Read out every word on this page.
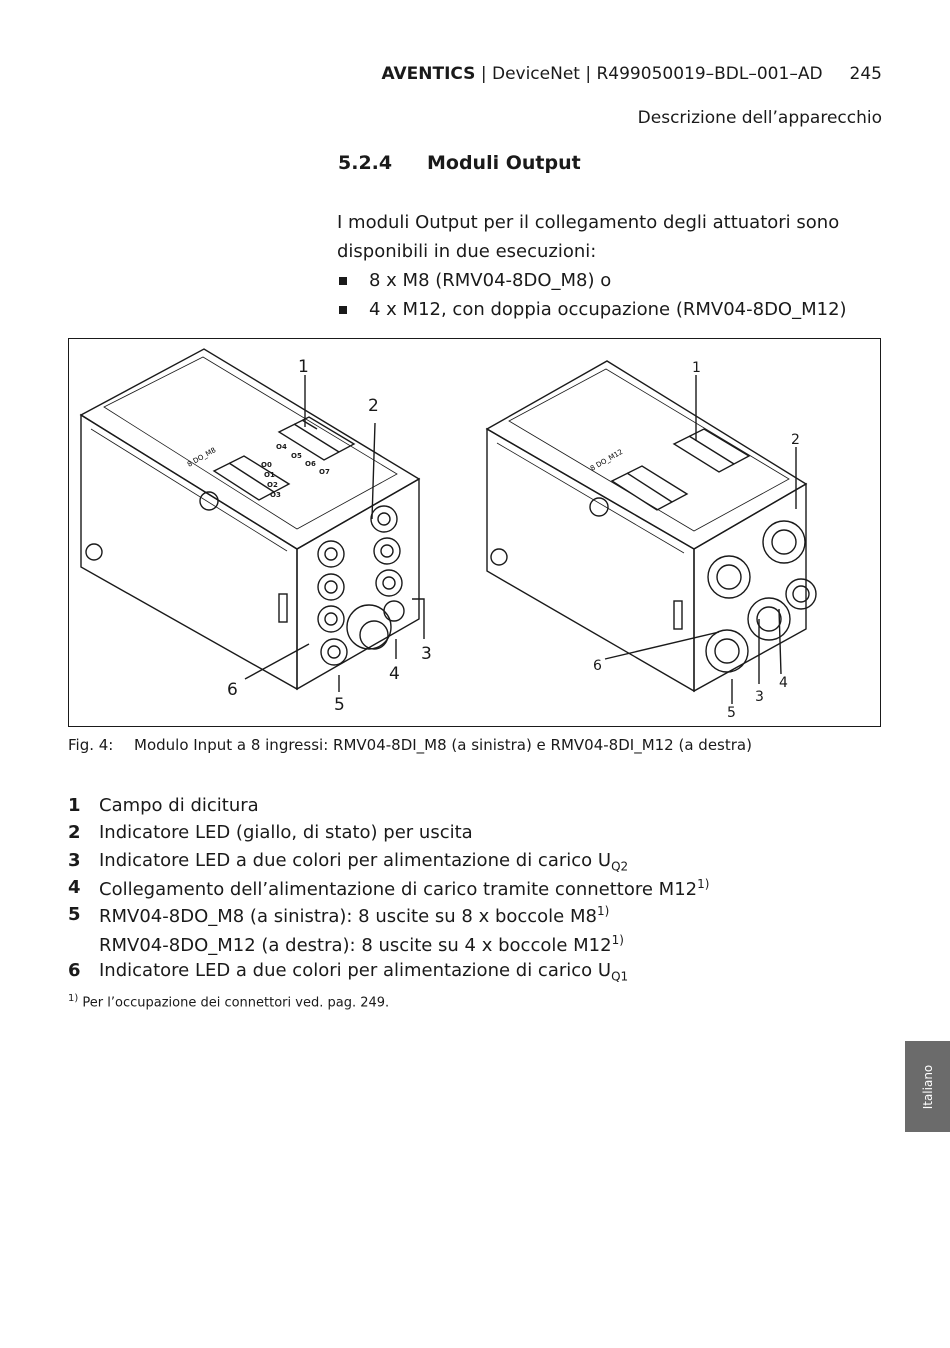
AVENTICS | DeviceNet | R499050019–BDL–001–AD 245
Descrizione dell’apparecchio
5.2.4 Moduli Output
I moduli Output per il collegamento degli attuatori sono
disponibili in due esecuzioni:
8 x M8 (RMV04-8DO_M8) o
4 x M12, con doppia occupazione (RMV04-8DO_M12)
8 DO_M8	8 DO_M12
O0
O1
O2
O3
O4
O5
O6
O7
1
2
3
4
5
6
1
2
3
4
5
6
Fig. 4: Modulo Input a 8 ingressi: RMV04-8DI_M8 (a sinistra) e RMV04-8DI_M12 (a destra)
1 Campo di dicitura
2 Indicatore LED (giallo, di stato) per uscita
3 Indicatore LED a due colori per alimentazione di carico $U_{Q2}$
4 Collegamento dell’alimentazione di carico tramite connettore M12$^{1)}$
5 RMV04-8DO_M8 (a sinistra): 8 uscite su 8 x boccole M8$^{1)}$
RMV04-8DO_M12 (a destra): 8 uscite su 4 x boccole M12$^{1)}$
6 Indicatore LED a due colori per alimentazione di carico $U_{Q1}$
$^{1)}$ Per l’occupazione dei connettori ved. pag. 249.
Italiano
